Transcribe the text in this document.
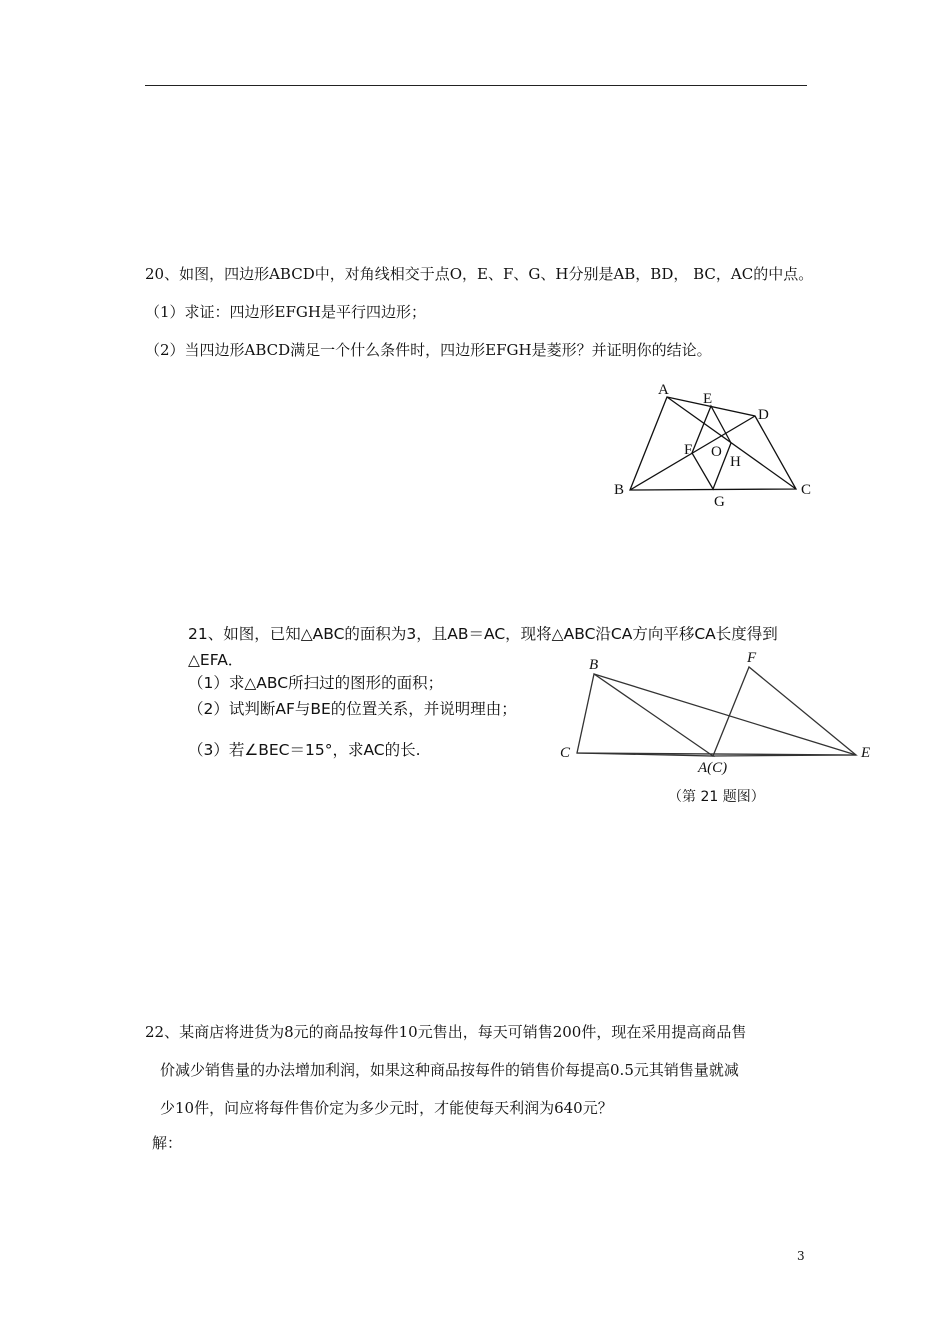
20、如图，四边形ABCD中，对角线相交于点O，E、F、G、H分别是AB，BD， BC，AC的中点。
（1）求证：四边形EFGH是平行四边形；
（2）当四边形ABCD满足一个什么条件时，四边形EFGH是菱形？并证明你的结论。
A
E
D
F O
H
B
G
C
21、如图，已知△ABC的面积为3，且AB＝AC，现将△ABC沿CA方向平移CA长度得到
△EFA．
（1）求△ABC所扫过的图形的面积；
（2）试判断AF与BE的位置关系，并说明理由；
（3）若∠BEC＝15°，求AC的长.
B	F
C
A(C)
E
（第 21 题图）
22、某商店将进货为8元的商品按每件10元售出，每天可销售200件，现在采用提高商品售
价减少销售量的办法增加利润，如果这种商品按每件的销售价每提高0.5元其销售量就减
少10件，问应将每件售价定为多少元时，才能使每天利润为640元？
解：
3
